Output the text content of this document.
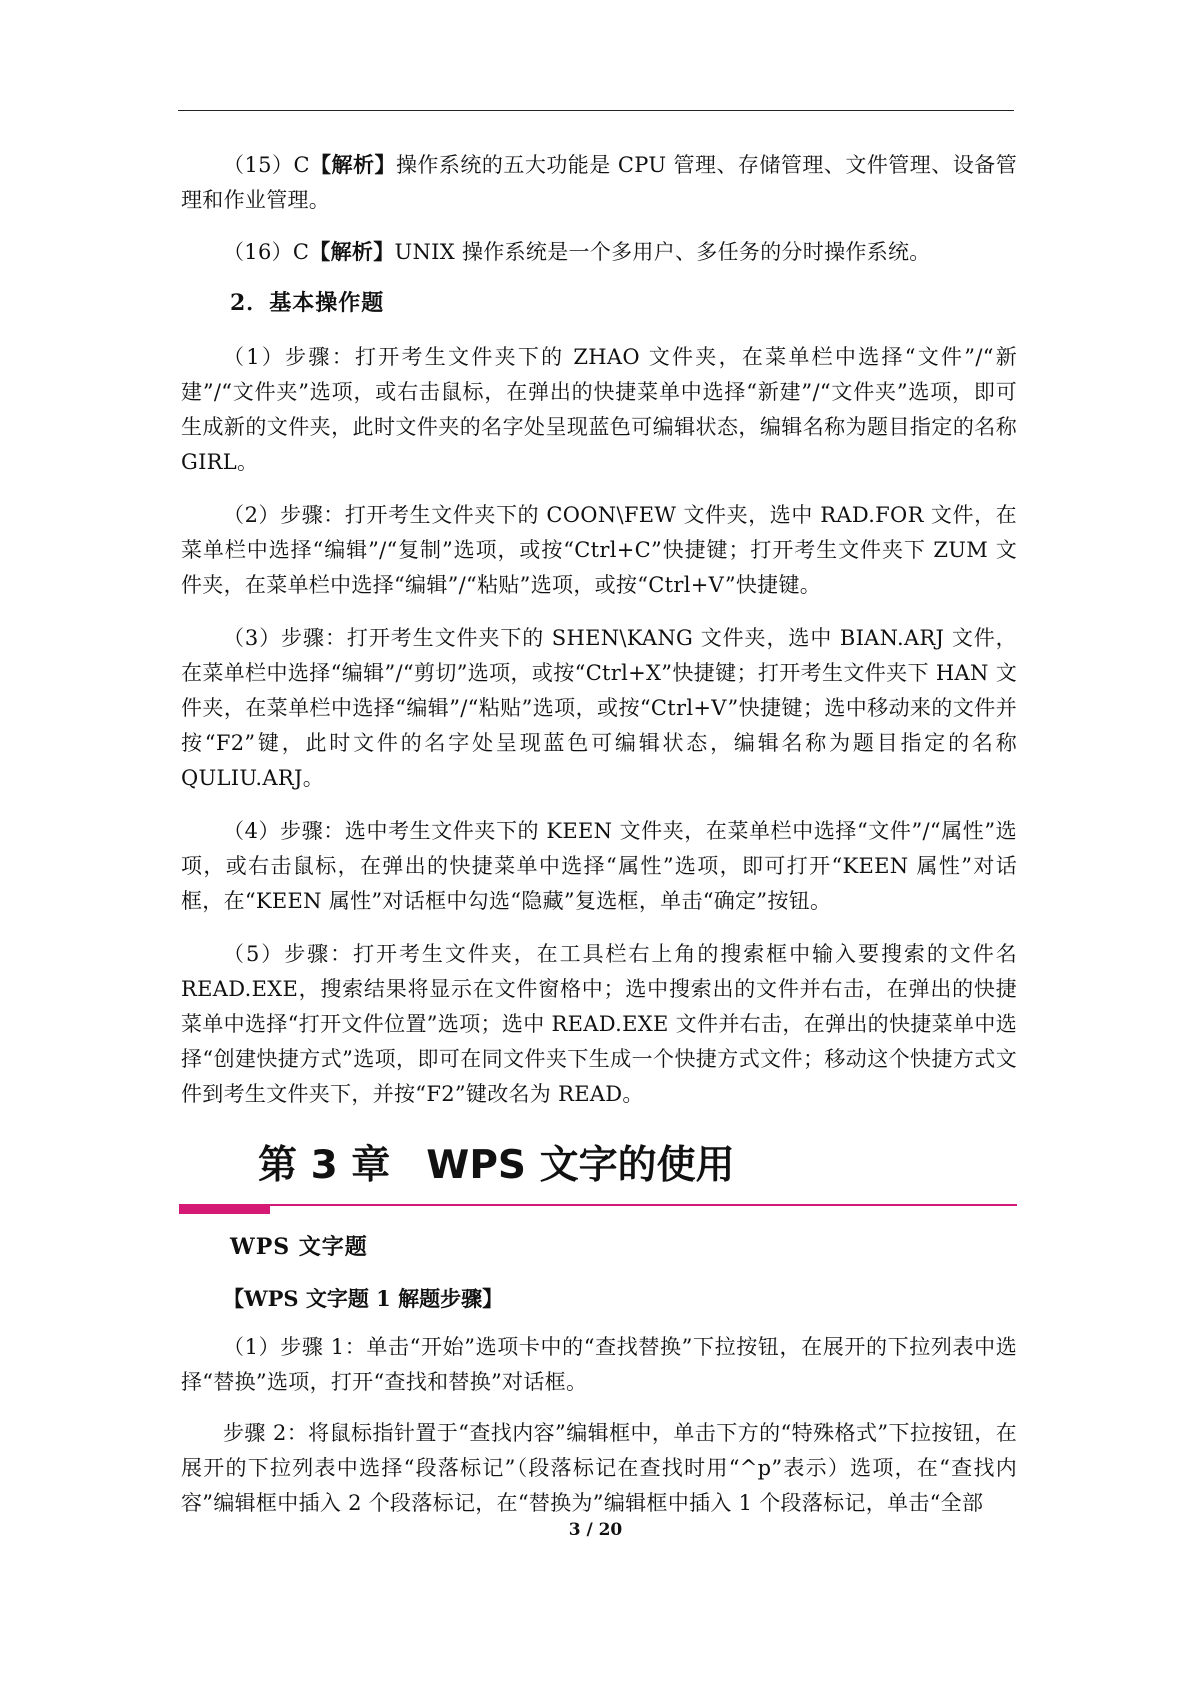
（15）C【解析】操作系统的五大功能是 CPU 管理、存储管理、文件管理、设备管理和作业管理。

（16）C【解析】UNIX 操作系统是一个多用户、多任务的分时操作系统。

2．基本操作题

（1）步骤：打开考生文件夹下的 ZHAO 文件夹，在菜单栏中选择“文件”/“新建”/“文件夹”选项，或右击鼠标，在弹出的快捷菜单中选择“新建”/“文件夹”选项，即可生成新的文件夹，此时文件夹的名字处呈现蓝色可编辑状态，编辑名称为题目指定的名称 GIRL。

（2）步骤：打开考生文件夹下的 COON\FEW 文件夹，选中 RAD.FOR 文件，在菜单栏中选择“编辑”/“复制”选项，或按“Ctrl+C”快捷键；打开考生文件夹下 ZUM 文件夹，在菜单栏中选择“编辑”/“粘贴”选项，或按“Ctrl+V”快捷键。

（3）步骤：打开考生文件夹下的 SHEN\KANG 文件夹，选中 BIAN.ARJ 文件，在菜单栏中选择“编辑”/“剪切”选项，或按“Ctrl+X”快捷键；打开考生文件夹下 HAN 文件夹，在菜单栏中选择“编辑”/“粘贴”选项，或按“Ctrl+V”快捷键；选中移动来的文件并按“F2”键，此时文件的名字处呈现蓝色可编辑状态，编辑名称为题目指定的名称 QULIU.ARJ。

（4）步骤：选中考生文件夹下的 KEEN 文件夹，在菜单栏中选择“文件”/“属性”选项，或右击鼠标，在弹出的快捷菜单中选择“属性”选项，即可打开“KEEN 属性”对话框，在“KEEN 属性”对话框中勾选“隐藏”复选框，单击“确定”按钮。

（5）步骤：打开考生文件夹，在工具栏右上角的搜索框中输入要搜索的文件名 READ.EXE，搜索结果将显示在文件窗格中；选中搜索出的文件并右击，在弹出的快捷菜单中选择“打开文件位置”选项；选中 READ.EXE 文件并右击，在弹出的快捷菜单中选择“创建快捷方式”选项，即可在同文件夹下生成一个快捷方式文件；移动这个快捷方式文件到考生文件夹下，并按“F2”键改名为 READ。

第 3 章 WPS 文字的使用
WPS 文字题
【WPS 文字题 1 解题步骤】

（1）步骤 1：单击“开始”选项卡中的“查找替换”下拉按钮，在展开的下拉列表中选择“替换”选项，打开“查找和替换”对话框。

步骤 2：将鼠标指针置于“查找内容”编辑框中，单击下方的“特殊格式”下拉按钮，在展开的下拉列表中选择“段落标记”（段落标记在查找时用“^p”表示）选项，在“查找内容”编辑框中插入 2 个段落标记，在“替换为”编辑框中插入 1 个段落标记，单击“全部

3 / 20
